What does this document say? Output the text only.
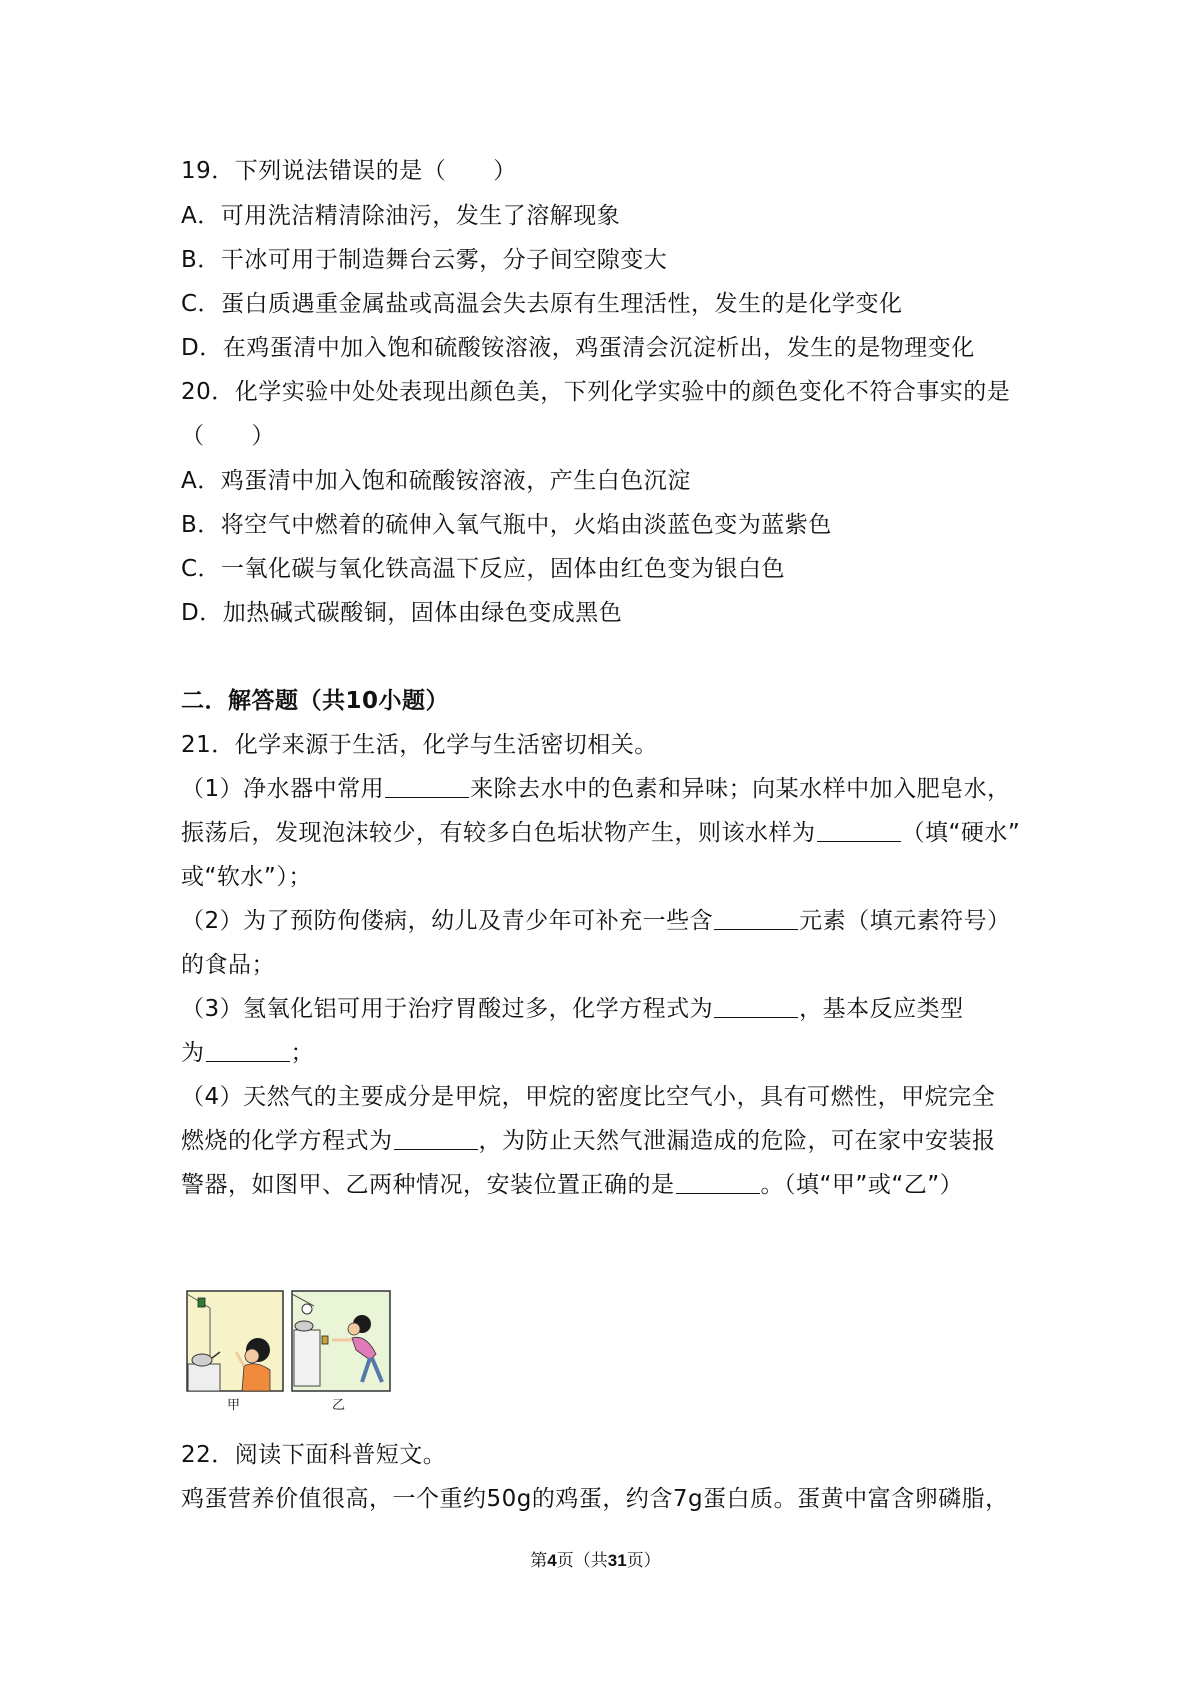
19．下列说法错误的是（　　）
A．可用洗洁精清除油污，发生了溶解现象
B．干冰可用于制造舞台云雾，分子间空隙变大
C．蛋白质遇重金属盐或高温会失去原有生理活性，发生的是化学变化
D．在鸡蛋清中加入饱和硫酸铵溶液，鸡蛋清会沉淀析出，发生的是物理变化
20．化学实验中处处表现出颜色美，下列化学实验中的颜色变化不符合事实的是
（　　）
A．鸡蛋清中加入饱和硫酸铵溶液，产生白色沉淀
B．将空气中燃着的硫伸入氧气瓶中，火焰由淡蓝色变为蓝紫色
C．一氧化碳与氧化铁高温下反应，固体由红色变为银白色
D．加热碱式碳酸铜，固体由绿色变成黑色
二．解答题（共10小题）
21．化学来源于生活，化学与生活密切相关。
（1）净水器中常用	来除去水中的色素和异味；向某水样中加入肥皂水，
振荡后，发现泡沫较少，有较多白色垢状物产生，则该水样为	（填“硬水”
或“软水”）；
（2）为了预防佝偻病，幼儿及青少年可补充一些含	元素（填元素符号）
的食品；
（3）氢氧化铝可用于治疗胃酸过多，化学方程式为	，基本反应类型
为	；
（4）天然气的主要成分是甲烷，甲烷的密度比空气小，具有可燃性，甲烷完全
燃烧的化学方程式为	，为防止天然气泄漏造成的危险，可在家中安装报
警器，如图甲、乙两种情况，安装位置正确的是	。（填“甲”或“乙”）
甲	乙
22．阅读下面科普短文。
鸡蛋营养价值很高，一个重约50g的鸡蛋，约含7g蛋白质。蛋黄中富含卵磷脂，
第4页（共31页）
